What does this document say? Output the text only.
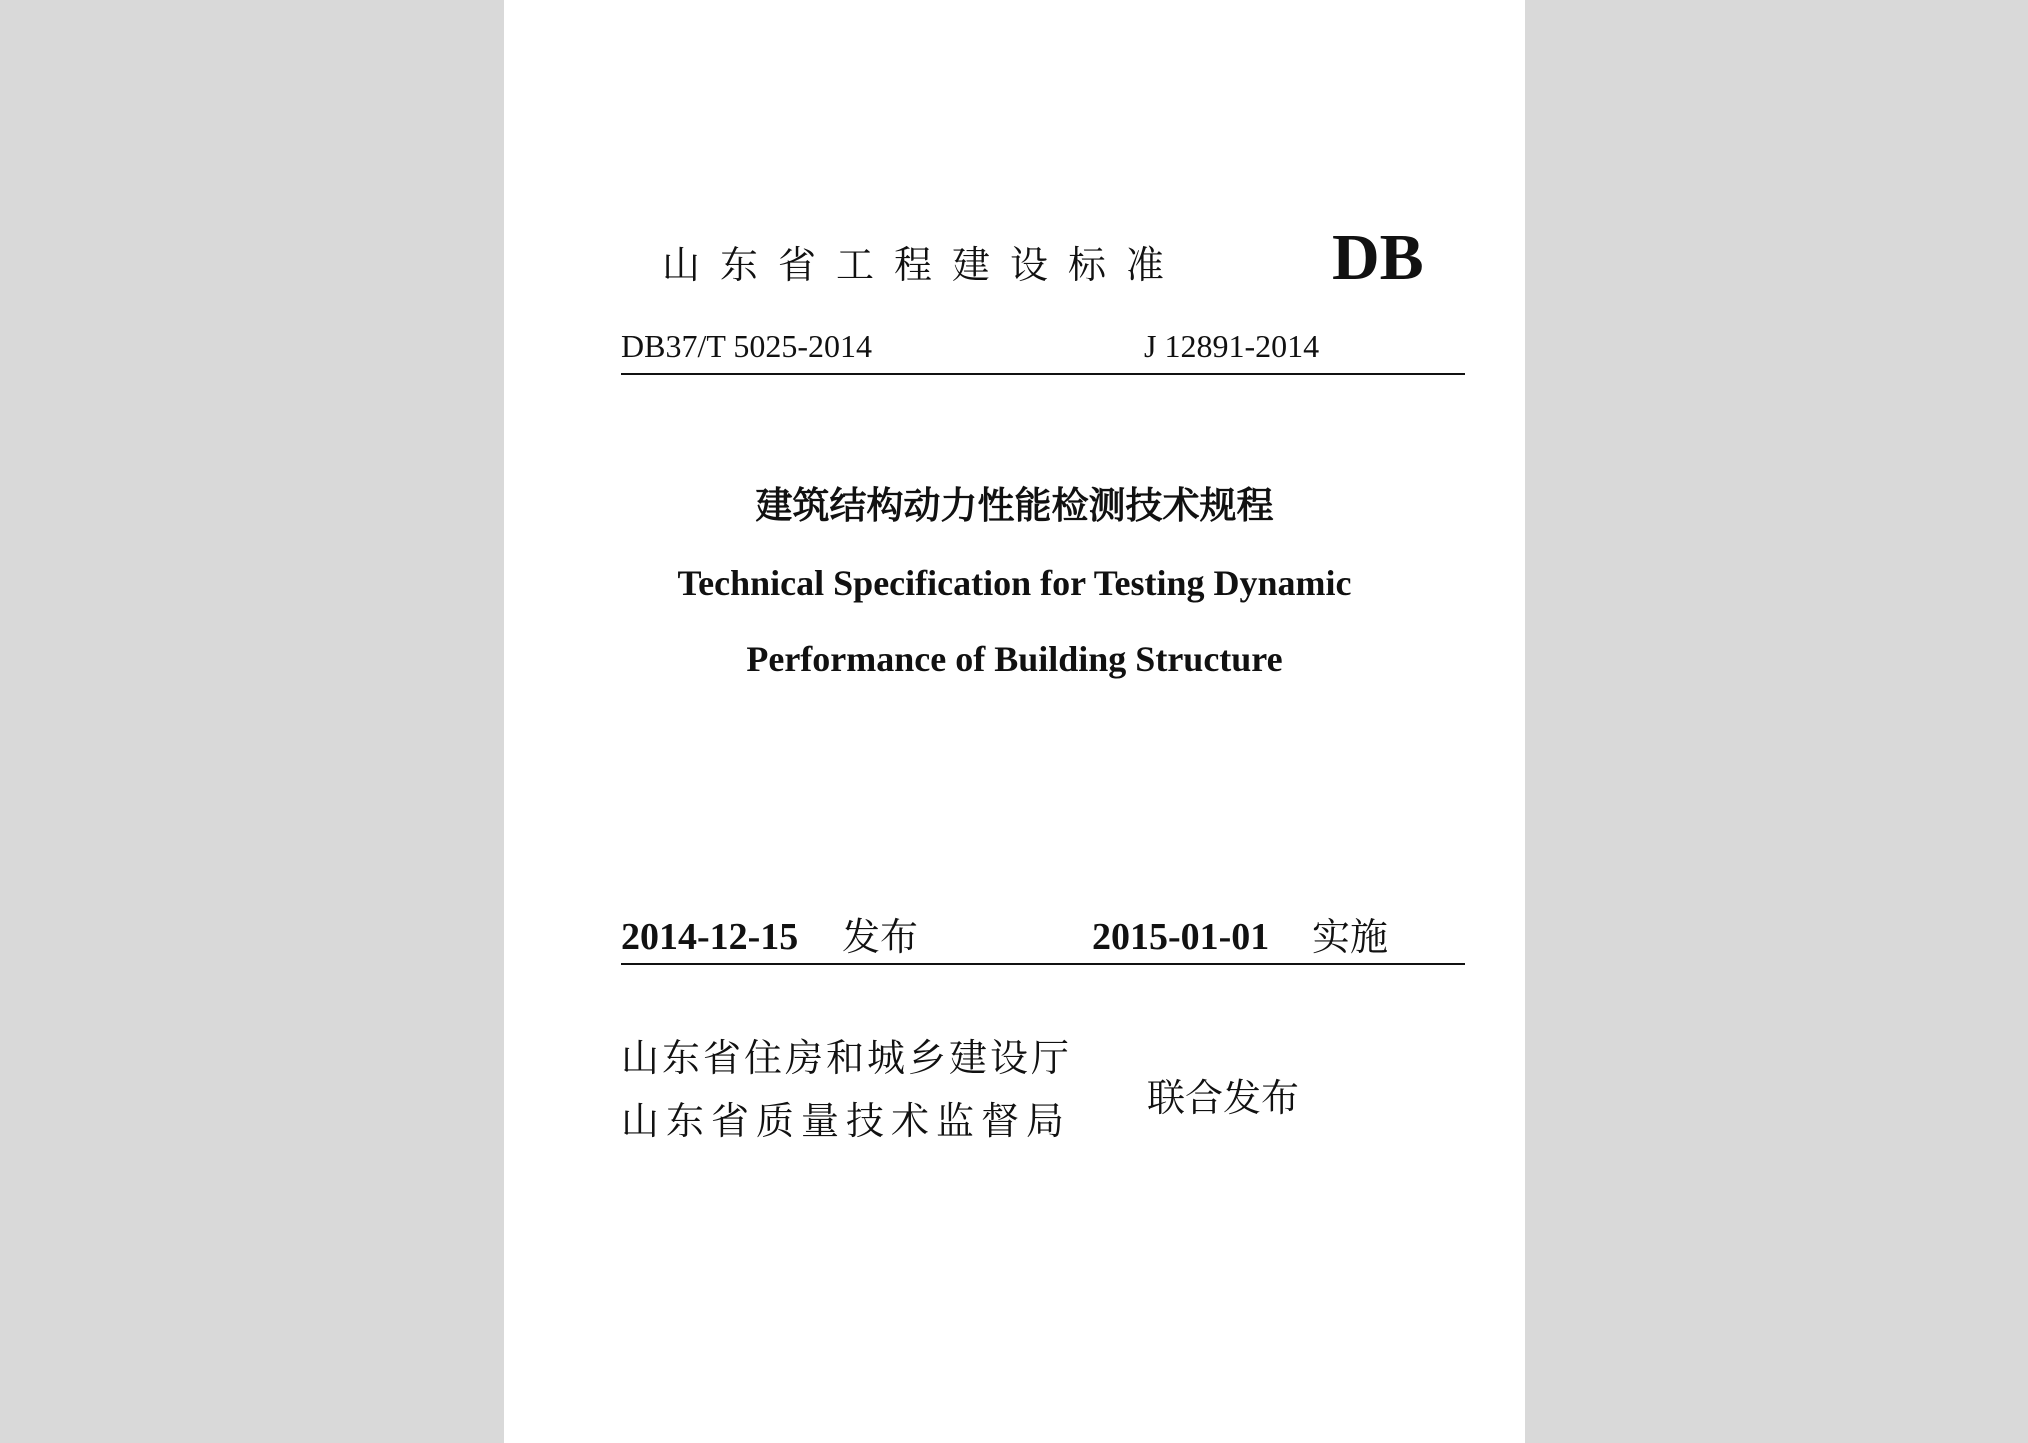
山东省工程建设标准 DB
DB37/T 5025-2014	J 12891-2014
建筑结构动力性能检测技术规程
Technical Specification for Testing Dynamic
Performance of Building Structure
2014-12-15 发布	2015-01-01 实施
山东省住房和城乡建设厅
山东省质量技术监督局
联合发布
